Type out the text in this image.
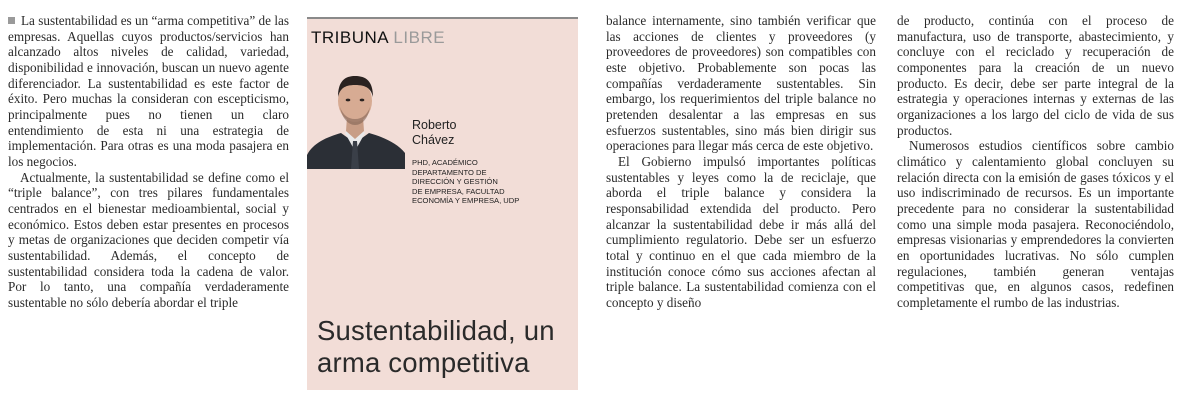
La sustentabilidad es un “arma competitiva” de las empresas. Aquellas cuyos productos/servicios han alcanzado altos niveles de calidad, variedad, disponibilidad e innovación, buscan un nuevo agente diferenciador. La sustentabilidad es este factor de éxito. Pero muchas la consideran con escepticismo, principalmente pues no tienen un claro entendimiento de esta ni una estrategia de implementación. Para otras es una moda pasajera en los negocios.

Actualmente, la sustentabilidad se define como el “triple balance”, con tres pilares fundamentales centrados en el bienestar medioambiental, social y económico. Estos deben estar presentes en procesos y metas de organizaciones que deciden competir vía sustentabilidad. Además, el concepto de sustentabilidad considera toda la cadena de valor. Por lo tanto, una compañía verdaderamente sustentable no sólo debería abordar el triple

TRIBUNA LIBRE
Roberto
Chávez
PHD, ACADÉMICO
DEPARTAMENTO DE
DIRECCIÓN Y GESTIÓN
DE EMPRESA, FACULTAD
ECONOMÍA Y EMPRESA, UDP
Sustentabilidad, un
arma competitiva

balance internamente, sino también verificar que las acciones de clientes y proveedores (y proveedores de proveedores) son compatibles con este objetivo. Probablemente son pocas las compañías verdaderamente sustentables. Sin embargo, los requerimientos del triple balance no pretenden desalentar a las empresas en sus esfuerzos sustentables, sino más bien dirigir sus operaciones para llegar más cerca de este objetivo.

El Gobierno impulsó importantes políticas sustentables y leyes como la de reciclaje, que aborda el triple balance y considera la responsabilidad extendida del producto. Pero alcanzar la sustentabilidad debe ir más allá del cumplimiento regulatorio. Debe ser un esfuerzo total y continuo en el que cada miembro de la institución conoce cómo sus acciones afectan al triple balance. La sustentabilidad comienza con el concepto y diseño

de producto, continúa con el proceso de manufactura, uso de transporte, abastecimiento, y concluye con el reciclado y recuperación de componentes para la creación de un nuevo producto. Es decir, debe ser parte integral de la estrategia y operaciones internas y externas de las organizaciones a los largo del ciclo de vida de sus productos.

Numerosos estudios científicos sobre cambio climático y calentamiento global concluyen su relación directa con la emisión de gases tóxicos y el uso indiscriminado de recursos. Es un importante precedente para no considerar la sustentabilidad como una simple moda pasajera. Reconociéndolo, empresas visionarias y emprendedores la convierten en oportunidades lucrativas. No sólo cumplen regulaciones, también generan ventajas competitivas que, en algunos casos, redefinen completamente el rumbo de las industrias.
